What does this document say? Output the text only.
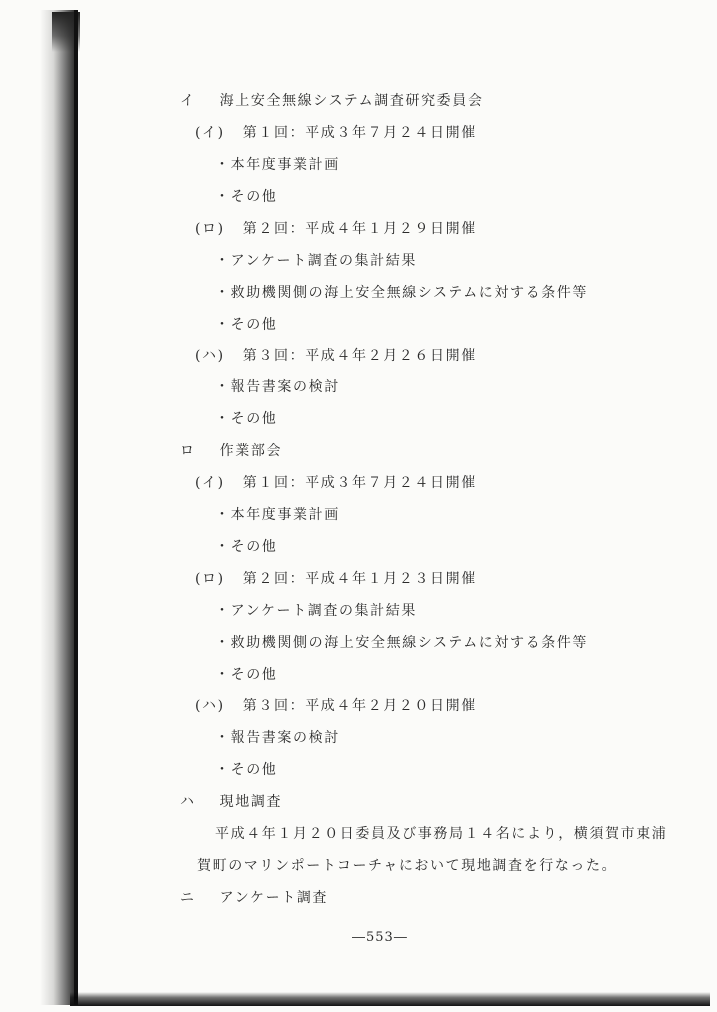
イ 海上安全無線システム調査研究委員会
(イ) 第１回：平成３年７月２４日開催
・本年度事業計画
・その他
(ロ) 第２回：平成４年１月２９日開催
・アンケート調査の集計結果
・救助機関側の海上安全無線システムに対する条件等
・その他
(ハ) 第３回：平成４年２月２６日開催
・報告書案の検討
・その他
ロ 作業部会
(イ) 第１回：平成３年７月２４日開催
・本年度事業計画
・その他
(ロ) 第２回：平成４年１月２３日開催
・アンケート調査の集計結果
・救助機関側の海上安全無線システムに対する条件等
・その他
(ハ) 第３回：平成４年２月２０日開催
・報告書案の検討
・その他
ハ 現地調査
平成４年１月２０日委員及び事務局１４名により，横須賀市東浦
賀町のマリンポートコーチャにおいて現地調査を行なった。
ニ アンケート調査
―553―
